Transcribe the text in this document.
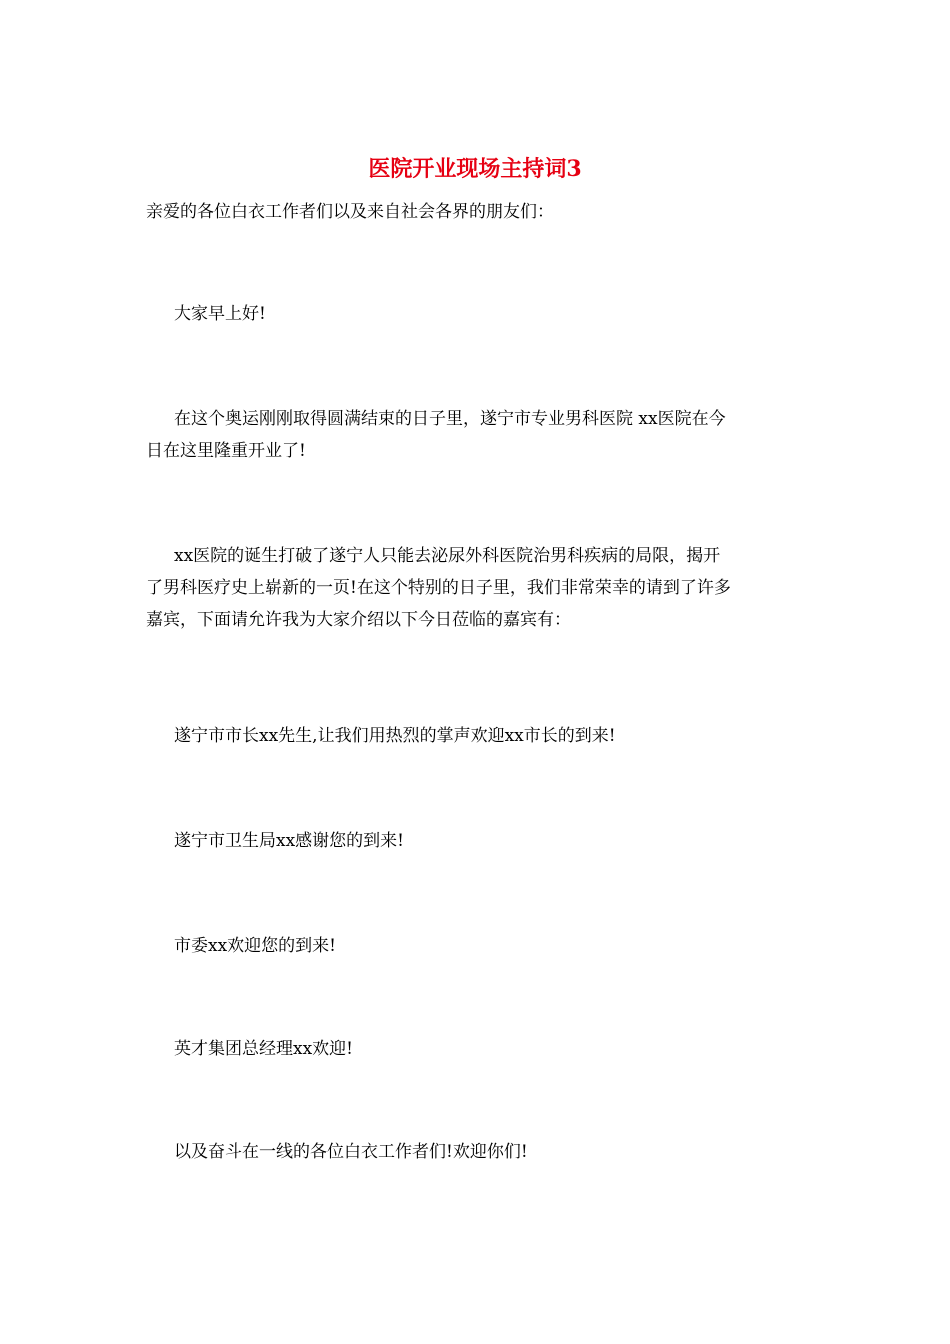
医院开业现场主持词3
亲爱的各位白衣工作者们以及来自社会各界的朋友们：
大家早上好!
在这个奥运刚刚取得圆满结束的日子里，遂宁市专业男科医院 xx医院在今
日在这里隆重开业了!
xx医院的诞生打破了遂宁人只能去泌尿外科医院治男科疾病的局限，揭开
了男科医疗史上崭新的一页!在这个特别的日子里，我们非常荣幸的请到了许多
嘉宾，下面请允许我为大家介绍以下今日莅临的嘉宾有：
遂宁市市长xx先生,让我们用热烈的掌声欢迎xx市长的到来!
遂宁市卫生局xx感谢您的到来!
市委xx欢迎您的到来!
英才集团总经理xx欢迎!
以及奋斗在一线的各位白衣工作者们!欢迎你们!
